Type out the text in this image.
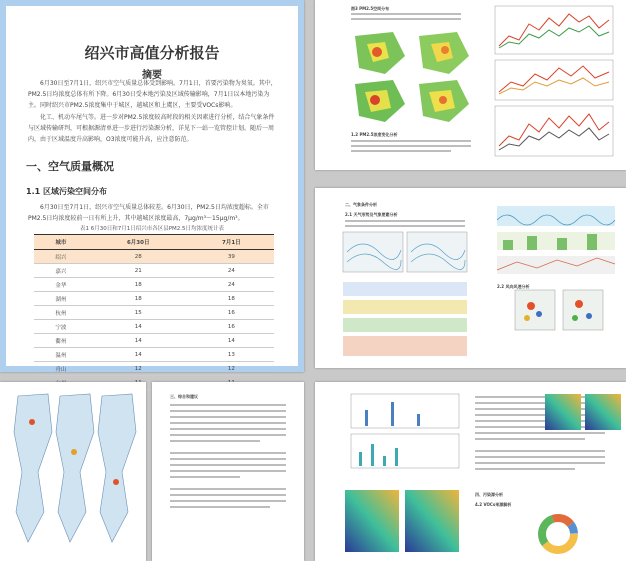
绍兴市高值分析报告
摘要
6月30日至7月1日，绍兴市空气质量总体受到影响。7月1日，首要污染物为臭氧。其中，PM2.5日均浓度总体有所下降。6月30日受本地污染及区域传输影响，7月1日以本地污染为主。同时绍兴市PM2.5浓度集中于城区，越城区和上虞区，主要受VOCs影响。
化工、机动车尾气等。进一步对PM2.5浓度较高时段的相关因素进行分析，结合气象条件与区域传输研判，可根据源清单进一步进行污染源分析，详见下一站一览管控计划。随后一周内，由于区域温度升高影响，O3浓度可能升高，应注意防范。
一、空气质量概况
1.1 区域污染空间分布
6月30日至7月1日，绍兴市空气质量总体较差。6月30日，PM2.5日均浓度超标。全市PM2.5日均浓度较前一日有所上升，其中越城区浓度最高，7μg/m³～15μg/m³。
表1 6月30日和7月1日绍兴市各区县PM2.5日均浓度统计表
城市	6月30日	7月1日
绍兴	28	39
嘉兴	21	24
金华	18	24
湖州	18	18
杭州	15	16
宁波	14	16
衢州	14	14
温州	14	13
舟山	12	12

图3 PM2.5空间分布
1.2 PM2.5浓度变化分析
二、气象条件分析
2.1 天气形势及气象要素分析
2.2 风向风速分析
三、综合和建议
四、污染源分析
4.2 VOCs来源解析
